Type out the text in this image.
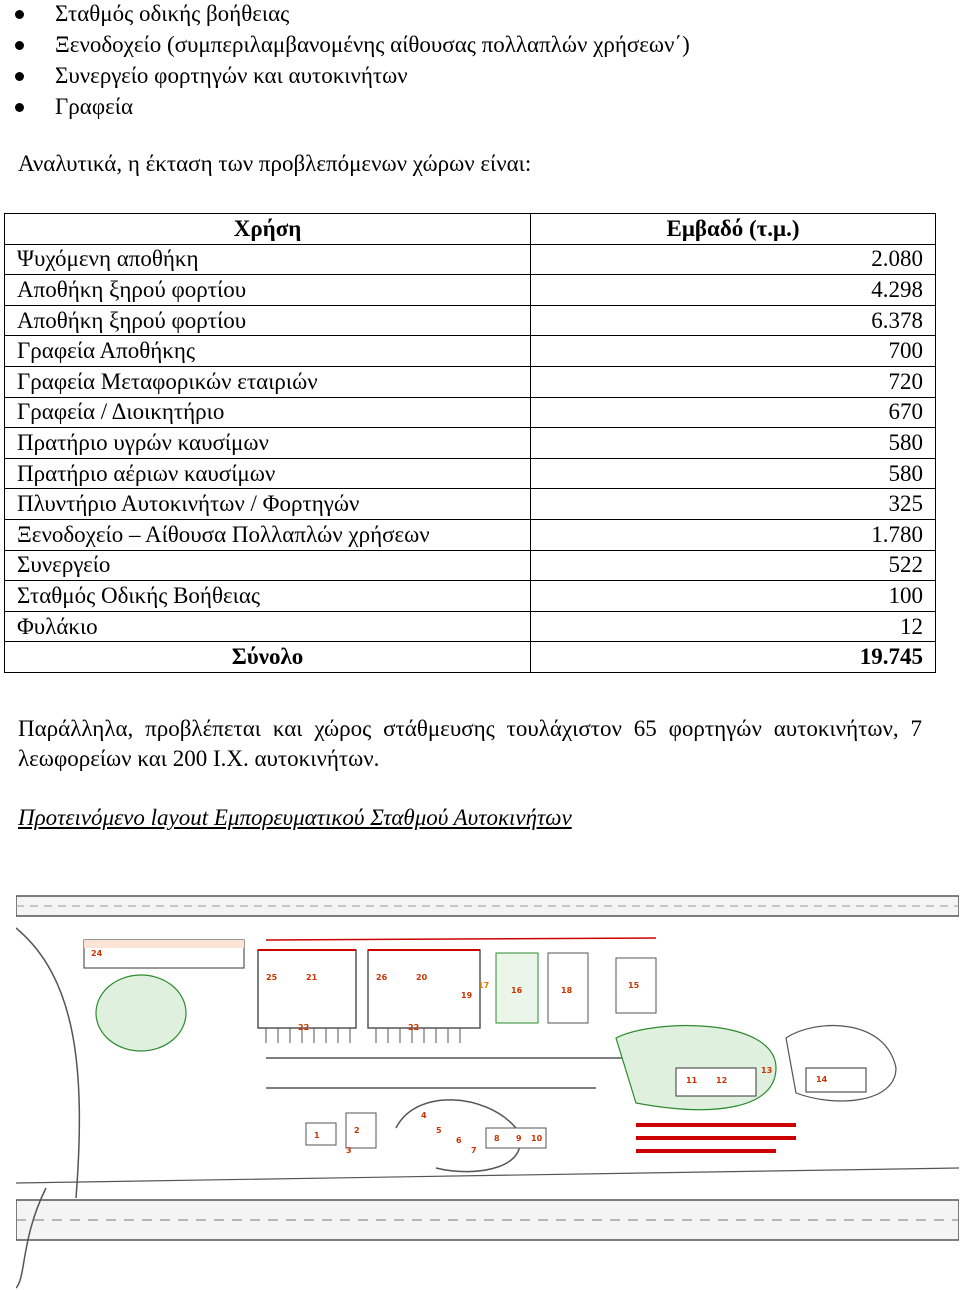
Σταθμός οδικής βοήθειας
Ξενοδοχείο (συμπεριλαμβανομένης αίθουσας πολλαπλών χρήσεων΄)
Συνεργείο φορτηγών και αυτοκινήτων
Γραφεία
Αναλυτικά, η έκταση των προβλεπόμενων χώρων είναι:
Χρήση	Εμβαδό (τ.μ.)
Ψυχόμενη αποθήκη	2.080
Αποθήκη ξηρού φορτίου	4.298
Αποθήκη ξηρού φορτίου	6.378
Γραφεία Αποθήκης	700
Γραφεία Μεταφορικών εταιριών	720
Γραφεία / Διοικητήριο	670
Πρατήριο υγρών καυσίμων	580
Πρατήριο αέριων καυσίμων	580
Πλυντήριο Αυτοκινήτων / Φορτηγών	325
Ξενοδοχείο – Αίθουσα Πολλαπλών χρήσεων	1.780
Συνεργείο	522
Σταθμός Οδικής Βοήθειας	100
Φυλάκιο	12
Σύνολο	19.745
Παράλληλα, προβλέπεται και χώρος στάθμευσης τουλάχιστον 65 φορτηγών αυτοκινήτων, 7 λεωφορείων και 200 Ι.Χ. αυτοκινήτων.
Προτεινόμενο layout Εμπορευματικού Σταθμού Αυτοκινήτων
24
25	21	26	20
17
22	22
19
16	18
15
11 12
13
14
1
2
3
4
5
6
7
8 9 10
